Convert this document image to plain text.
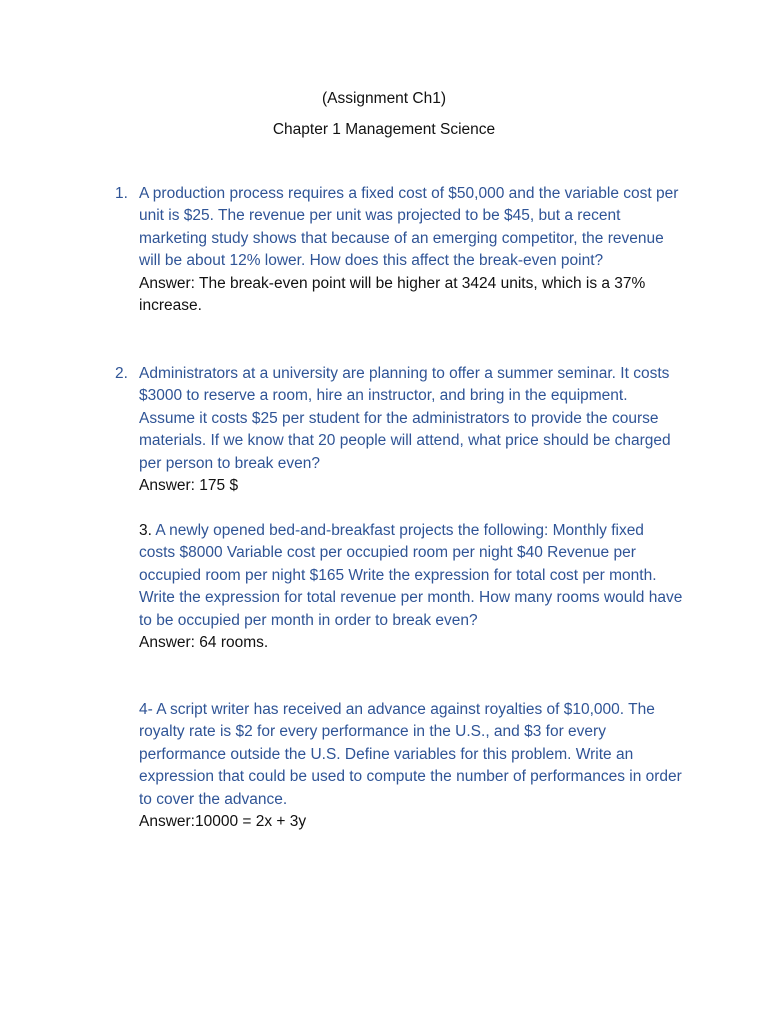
(Assignment Ch1)
Chapter 1 Management Science
1. A production process requires a fixed cost of $50,000 and the variable cost per unit is $25. The revenue per unit was projected to be $45, but a recent marketing study shows that because of an emerging competitor, the revenue will be about 12% lower. How does this affect the break-even point?
Answer: The break-even point will be higher at 3424 units, which is a 37% increase.
2. Administrators at a university are planning to offer a summer seminar. It costs $3000 to reserve a room, hire an instructor, and bring in the equipment. Assume it costs $25 per student for the administrators to provide the course materials. If we know that 20 people will attend, what price should be charged per person to break even?
Answer: 175 $
3. A newly opened bed-and-breakfast projects the following: Monthly fixed costs $8000 Variable cost per occupied room per night $40 Revenue per occupied room per night $165 Write the expression for total cost per month. Write the expression for total revenue per month. How many rooms would have to be occupied per month in order to break even?
Answer: 64 rooms.
4- A script writer has received an advance against royalties of $10,000. The royalty rate is $2 for every performance in the U.S., and $3 for every performance outside the U.S. Define variables for this problem. Write an expression that could be used to compute the number of performances in order to cover the advance.
Answer:10000 = 2x + 3y
